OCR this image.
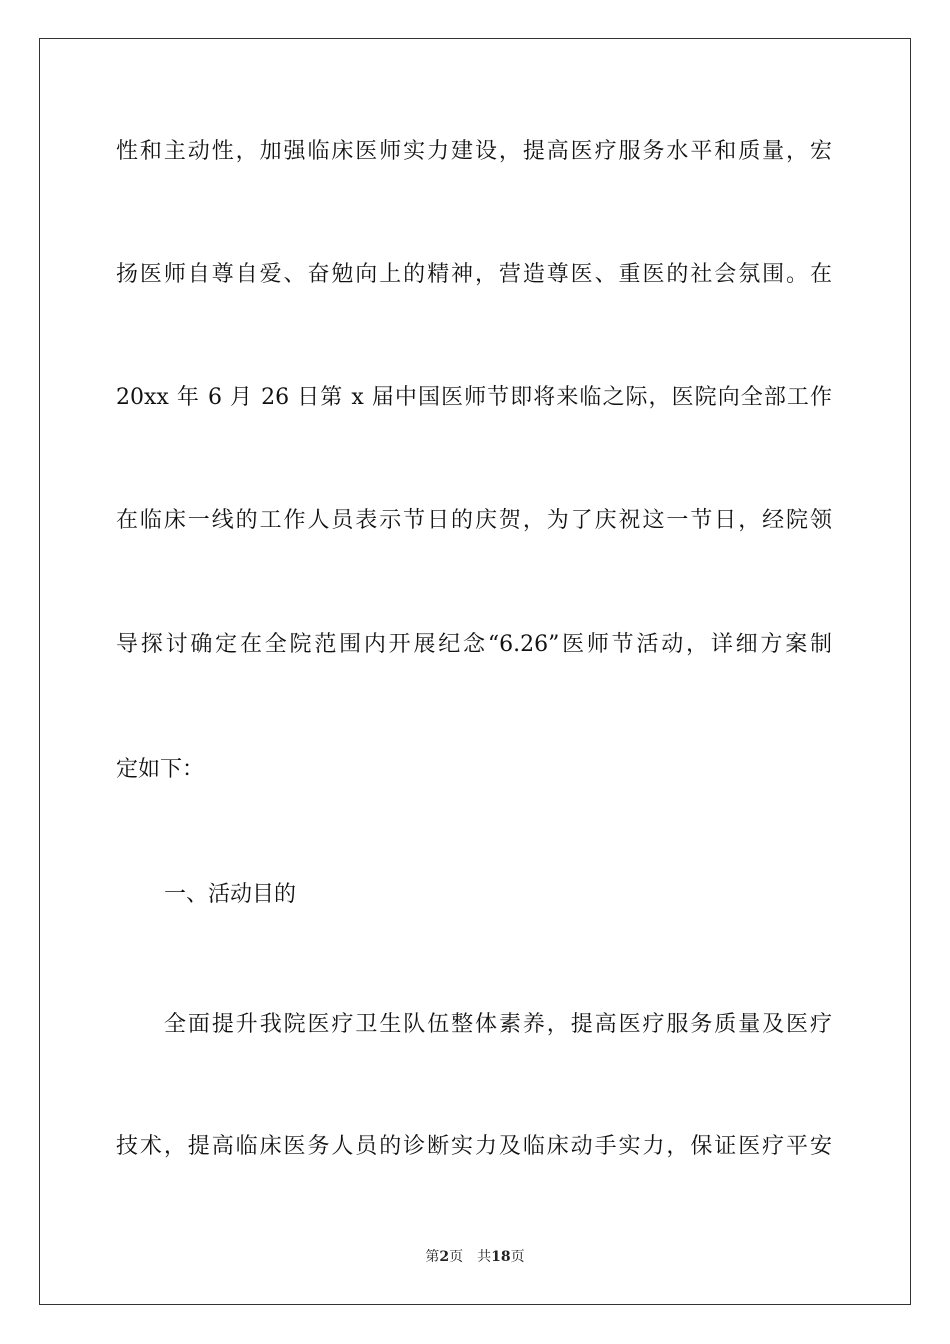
性和主动性，加强临床医师实力建设，提高医疗服务水平和质量，宏
扬医师自尊自爱、奋勉向上的精神，营造尊医、重医的社会氛围。在
20xx 年 6 月 26 日第 x 届中国医师节即将来临之际，医院向全部工作
在临床一线的工作人员表示节日的庆贺，为了庆祝这一节日，经院领
导探讨确定在全院范围内开展纪念“6.26”医师节活动，详细方案制
定如下：
一、活动目的
全面提升我院医疗卫生队伍整体素养，提高医疗服务质量及医疗
技术，提高临床医务人员的诊断实力及临床动手实力，保证医疗平安
第2页 共18页
